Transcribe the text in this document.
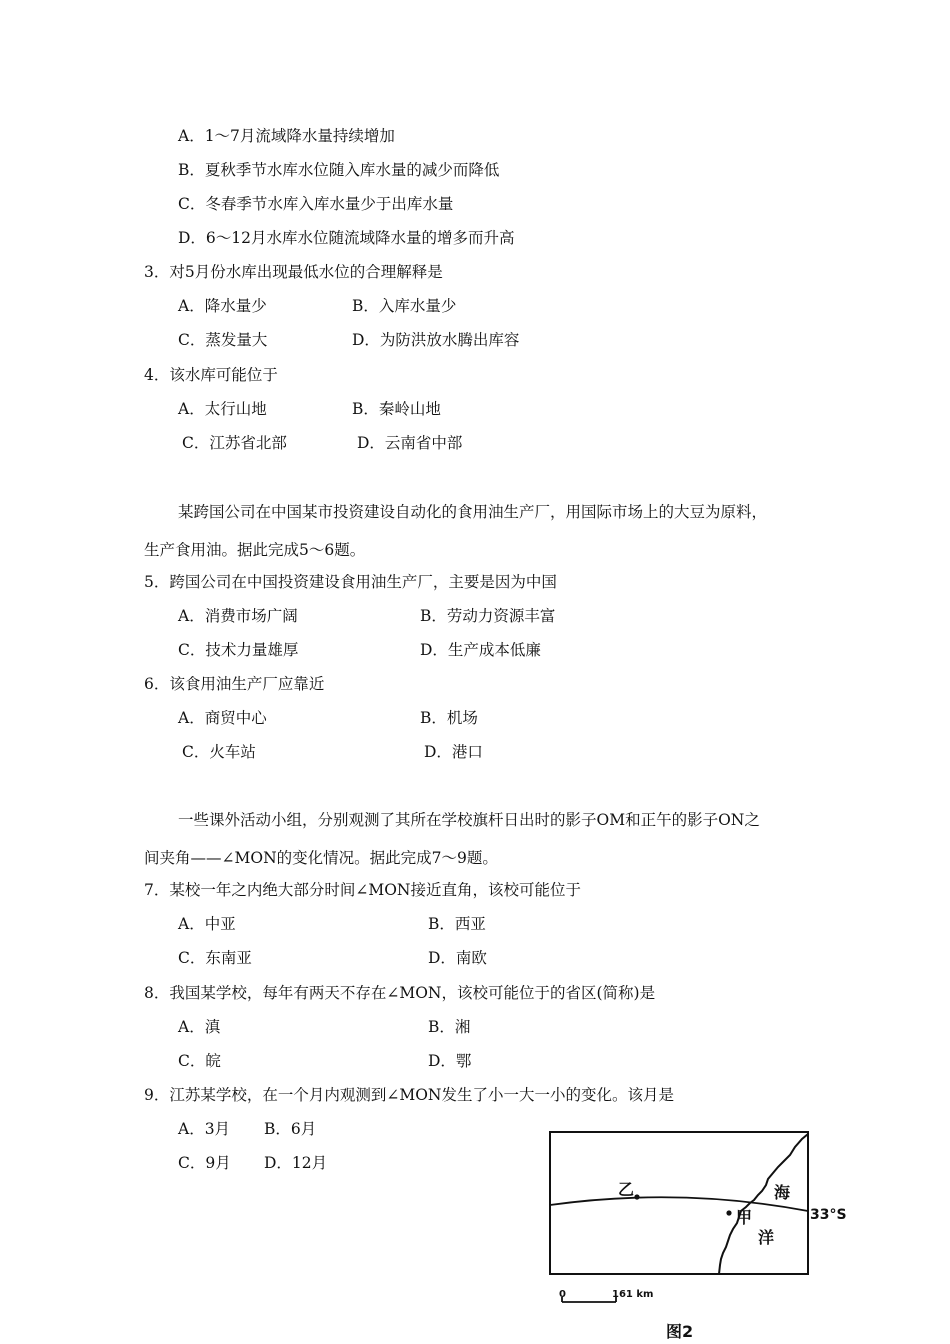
A．1～7月流域降水量持续增加
B．夏秋季节水库水位随入库水量的减少而降低
C．冬春季节水库入库水量少于出库水量
D．6～12月水库水位随流域降水量的增多而升高
3．对5月份水库出现最低水位的合理解释是
A．降水量少	B．入库水量少
C．蒸发量大	D．为防洪放水腾出库容
4．该水库可能位于
A．太行山地	B．秦岭山地
C．江苏省北部	D．云南省中部
某跨国公司在中国某市投资建设自动化的食用油生产厂，用国际市场上的大豆为原料，
生产食用油。据此完成5～6题。
5．跨国公司在中国投资建设食用油生产厂，主要是因为中国
A．消费市场广阔	B．劳动力资源丰富
C．技术力量雄厚	D．生产成本低廉
6．该食用油生产厂应靠近
A．商贸中心	B．机场
C．火车站	D．港口
一些课外活动小组，分别观测了其所在学校旗杆日出时的影子OM和正午的影子ON之
间夹角——∠MON的变化情况。据此完成7～9题。
7．某校一年之内绝大部分时间∠MON接近直角，该校可能位于
A．中亚	B．西亚
C．东南亚	D．南欧
8．我国某学校，每年有两天不存在∠MON，该校可能位于的省区(简称)是
A．滇	B．湘
C．皖	D．鄂
9．江苏某学校，在一个月内观测到∠MON发生了小一大一小的变化。该月是
A．3月 B．6月
C．9月 D．12月
乙
甲
海
洋
33°S
0	161 km
图2
